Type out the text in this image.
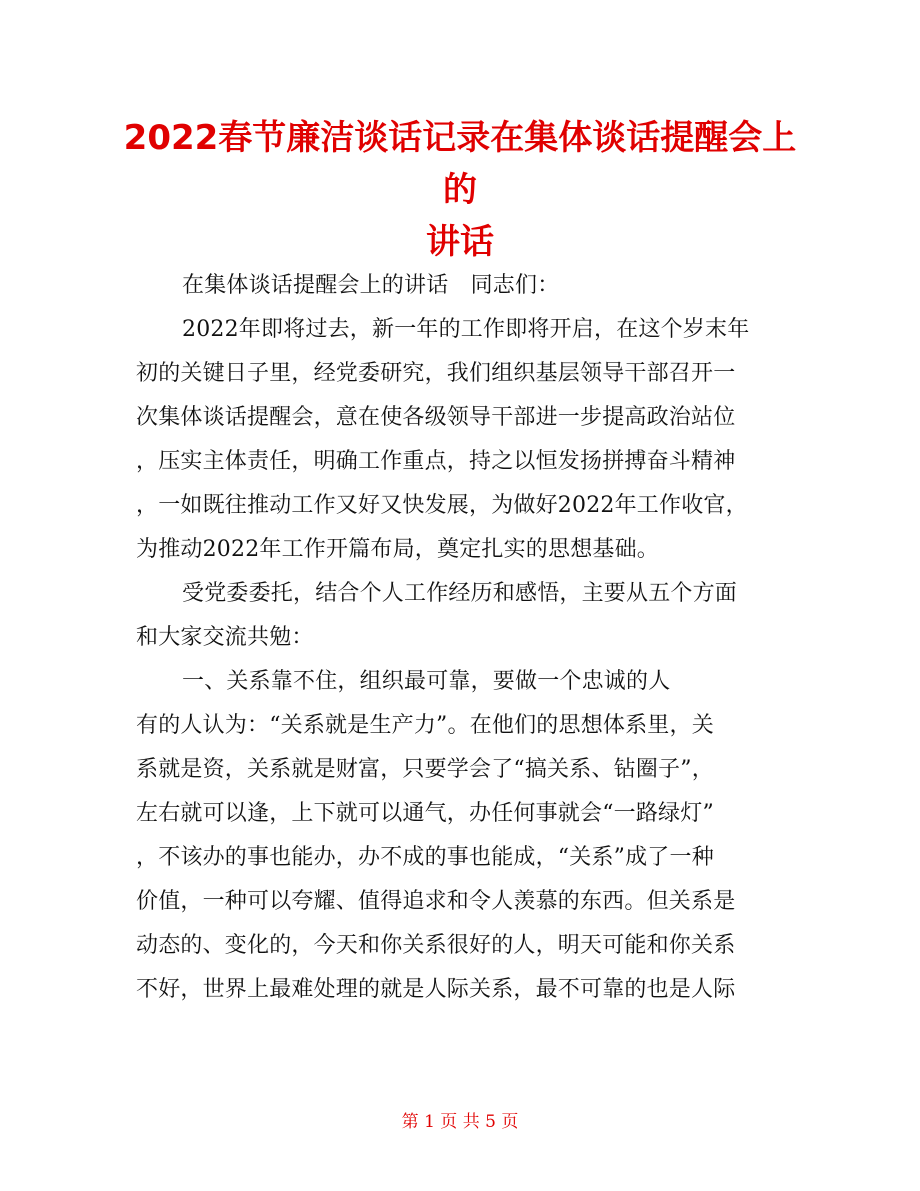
2022春节廉洁谈话记录在集体谈话提醒会上的
讲话
在集体谈话提醒会上的讲话　同志们：
2022年即将过去，新一年的工作即将开启，在这个岁末年
初的关键日子里，经党委研究，我们组织基层领导干部召开一
次集体谈话提醒会，意在使各级领导干部进一步提高政治站位
，压实主体责任，明确工作重点，持之以恒发扬拼搏奋斗精神
，一如既往推动工作又好又快发展，为做好2022年工作收官，
为推动2022年工作开篇布局，奠定扎实的思想基础。
受党委委托，结合个人工作经历和感悟，主要从五个方面
和大家交流共勉：
一、关系靠不住，组织最可靠，要做一个忠诚的人
有的人认为：“关系就是生产力”。在他们的思想体系里，关
系就是资，关系就是财富，只要学会了“搞关系、钻圈子”，
左右就可以逢，上下就可以通气，办任何事就会“一路绿灯”
，不该办的事也能办，办不成的事也能成，“关系”成了一种
价值，一种可以夸耀、值得追求和令人羡慕的东西。但关系是
动态的、变化的，今天和你关系很好的人，明天可能和你关系
不好，世界上最难处理的就是人际关系，最不可靠的也是人际
第 1 页 共 5 页
